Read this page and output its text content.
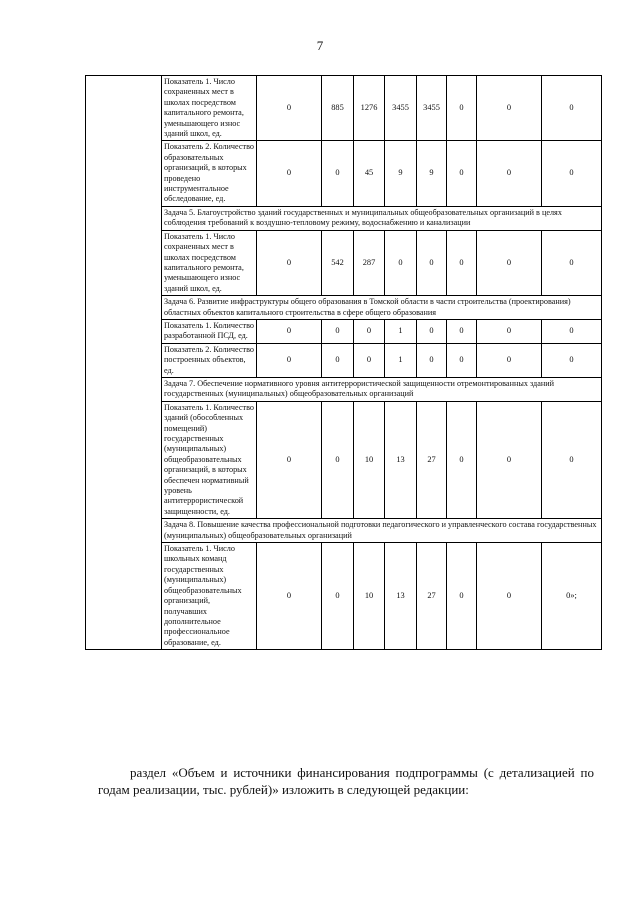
7
	Показатель 1. Число сохраненных мест в школах посредством капитального ремонта, уменьшающего износ зданий школ, ед.	0	885	1276	3455	3455	0	0	0
	Показатель 2. Количество образовательных организаций, в которых проведено инструментальное обследование, ед.	0	0	45	9	9	0	0	0
	Задача 5. Благоустройство зданий государственных и муниципальных общеобразовательных организаций в целях соблюдения требований к воздушно-тепловому режиму, водоснабжению и канализации								
	Показатель 1. Число сохраненных мест в школах посредством капитального ремонта, уменьшающего износ зданий школ, ед.	0	542	287	0	0	0	0	0
	Задача 6. Развитие инфраструктуры общего образования в Томской области в части строительства (проектирования) областных объектов капитального строительства в сфере общего образования								
	Показатель 1. Количество разработанной ПСД, ед.	0	0	0	1	0	0	0	0
	Показатель 2. Количество построенных объектов, ед.	0	0	0	1	0	0	0	0
	Задача 7. Обеспечение нормативного уровня антитеррористической защищенности отремонтированных зданий государственных (муниципальных) общеобразовательных организаций								
	Показатель 1. Количество зданий (обособленных помещений) государственных (муниципальных) общеобразовательных организаций, в которых обеспечен нормативный уровень антитеррористической защищенности, ед.	0	0	10	13	27	0	0	0
	Задача 8. Повышение качества профессиональной подготовки педагогического и управленческого состава государственных (муниципальных) общеобразовательных организаций								
	Показатель 1. Число школьных команд государственных (муниципальных) общеобразовательных организаций, получавших дополнительное профессиональное образование, ед.	0	0	10	13	27	0	0	0»;
раздел «Объем и источники финансирования подпрограммы (с детализацией по годам реализации, тыс. рублей)» изложить в следующей редакции:
